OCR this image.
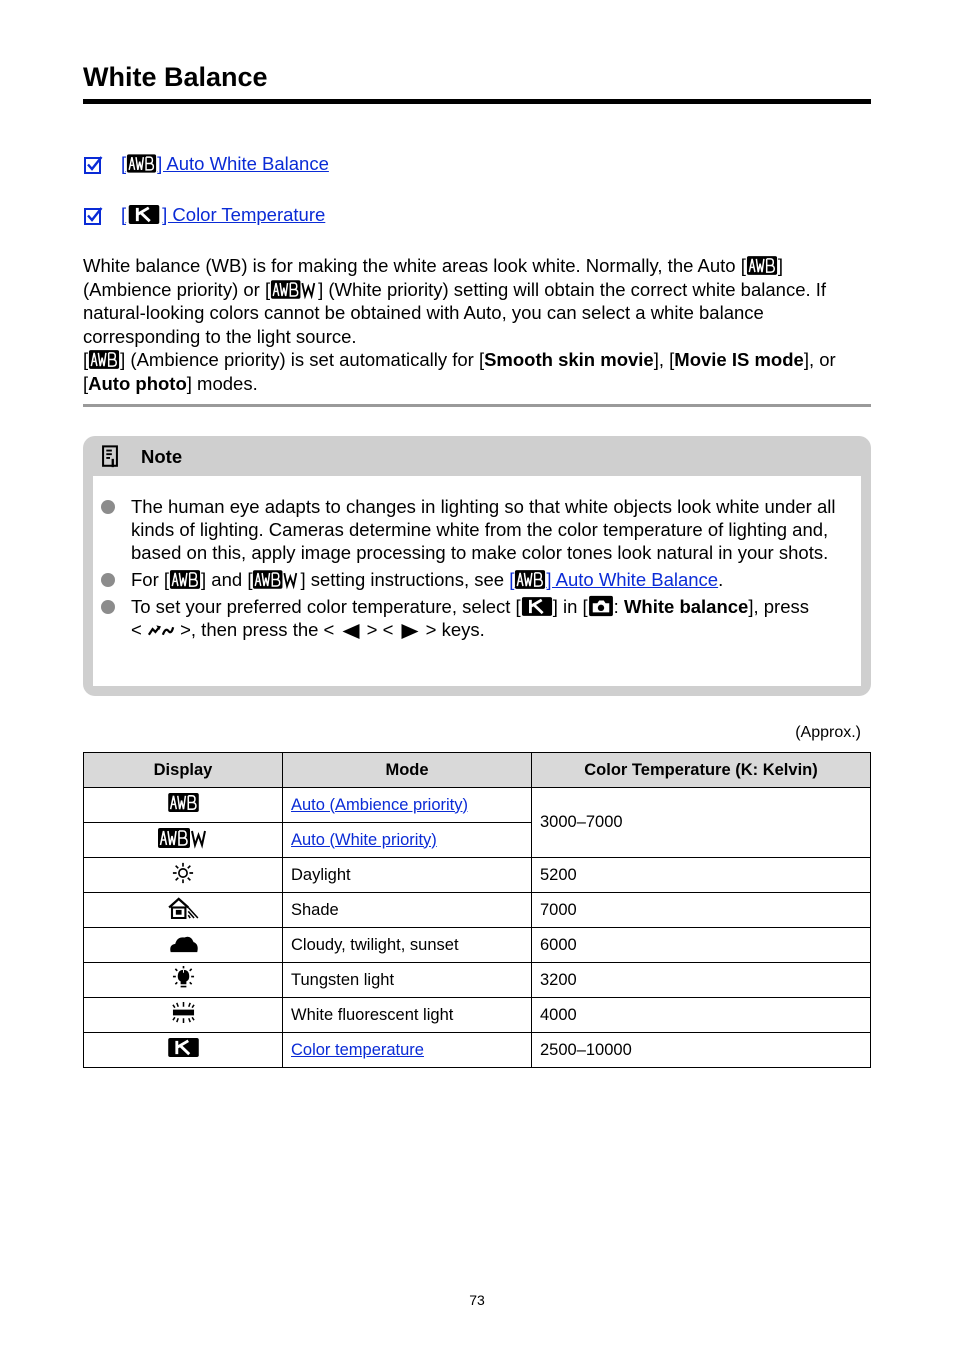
White Balance
[ ] Auto White Balance
[ ] Color Temperature

White balance (WB) is for making the white areas look white. Normally, the Auto [ ] (Ambience priority) or [	] (White priority) setting will obtain the correct white balance. If natural-looking colors cannot be obtained with Auto, you can select a white balance corresponding to the light source.

[ ] (Ambience priority) is set automatically for [Smooth skin movie], [Movie IS mode], or [Auto photo] modes.

Note
The human eye adapts to changes in lighting so that white objects look white under all kinds of lighting. Cameras determine white from the color temperature of lighting and, based on this, apply image processing to make color tones look natural in your shots.
For [ ] and [	] setting instructions, see [ ] Auto White Balance.
To set your preferred color temperature, select [ ] in [ : White balance], press
<  >, then press the <  > <  > keys.
(Approx.)
Display	Mode	Color Temperature (K: Kelvin)
	Auto (Ambience priority)	3000–7000
	Auto (White priority)	
	Daylight	5200
	Shade	7000
	Cloudy, twilight, sunset	6000
	Tungsten light	3200
	White fluorescent light	4000
	Color temperature	2500–10000
73
